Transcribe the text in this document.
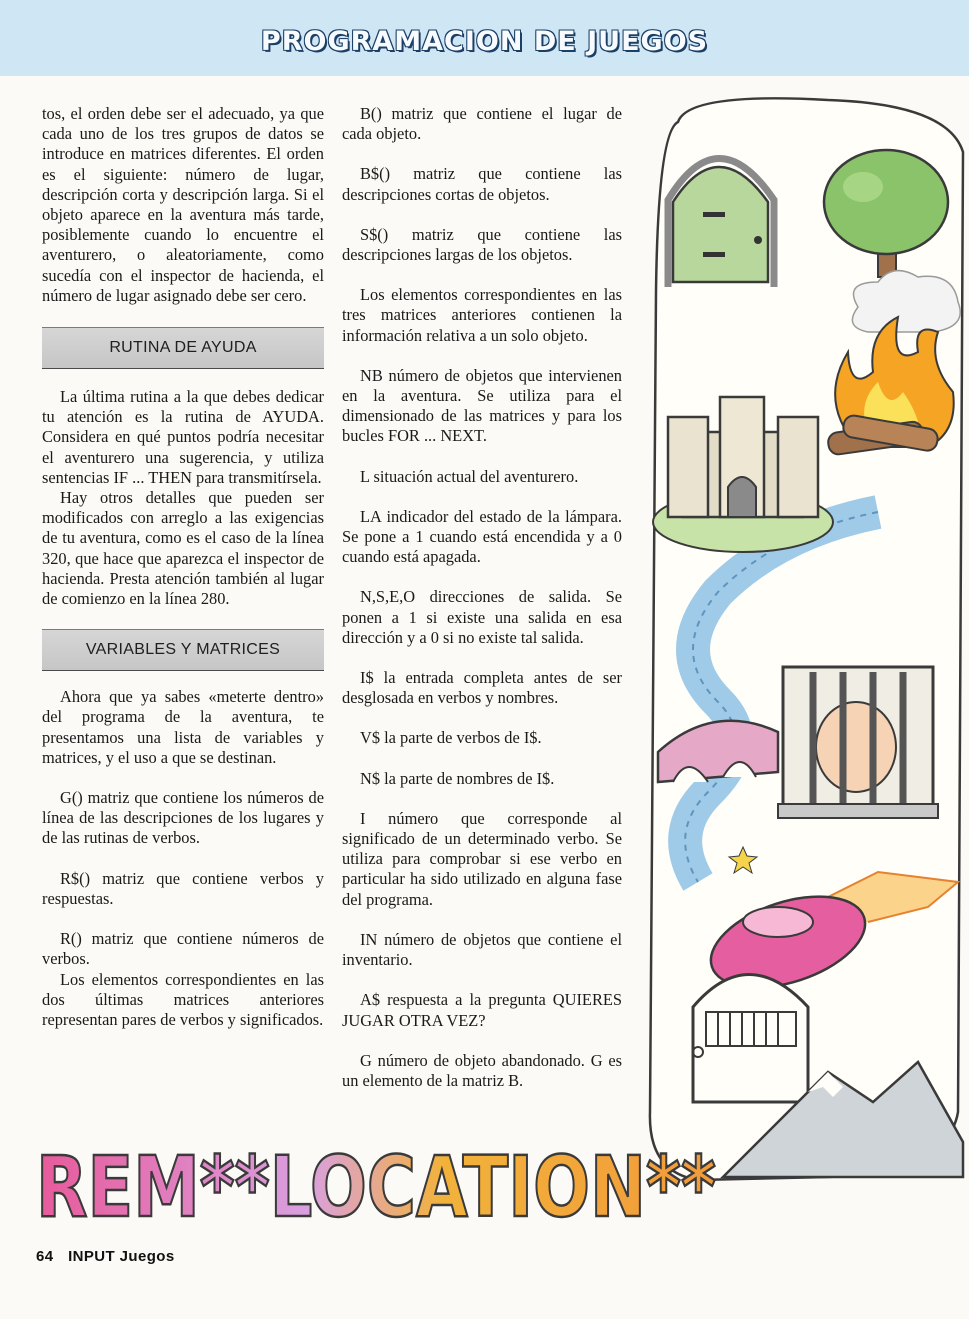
PROGRAMACION DE JUEGOS

tos, el orden debe ser el adecuado, ya que cada uno de los tres grupos de datos se introduce en matrices diferentes. El orden es el siguiente: número de lugar, descripción corta y descripción larga. Si el objeto aparece en la aventura más tarde, posiblemente cuando lo encuentre el aventurero, o aleatoriamente, como sucedía con el inspector de hacienda, el número de lugar asignado debe ser cero.

RUTINA DE AYUDA

La última rutina a la que debes dedicar tu atención es la rutina de AYUDA. Considera en qué puntos podría necesitar el aventurero una sugerencia, y utiliza sentencias IF ... THEN para transmitírsela.

Hay otros detalles que pueden ser modificados con arreglo a las exigencias de tu aventura, como es el caso de la línea 320, que hace que aparezca el inspector de hacienda. Presta atención también al lugar de comienzo en la línea 280.

VARIABLES Y MATRICES

Ahora que ya sabes «meterte dentro» del programa de la aventura, te presentamos una lista de variables y matrices, y el uso a que se destinan.

G() matriz que contiene los números de línea de las descripciones de los lugares y de las rutinas de verbos.

R$() matriz que contiene verbos y respuestas.

R() matriz que contiene números de verbos.

Los elementos correspondientes en las dos últimas matrices anteriores representan pares de verbos y significados.

B() matriz que contiene el lugar de cada objeto.

B$() matriz que contiene las descripciones cortas de objetos.

S$() matriz que contiene las descripciones largas de los objetos.

Los elementos correspondientes en las tres matrices anteriores contienen la información relativa a un solo objeto.

NB número de objetos que intervienen en la aventura. Se utiliza para el dimensionado de las matrices y para los bucles FOR ... NEXT.

L situación actual del aventurero.

LA indicador del estado de la lámpara. Se pone a 1 cuando está encendida y a 0 cuando está apagada.

N,S,E,O direcciones de salida. Se ponen a 1 si existe una salida en esa dirección y a 0 si no existe tal salida.

I$ la entrada completa antes de ser desglosada en verbos y nombres.

V$ la parte de verbos de I$.

N$ la parte de nombres de I$.

I número que corresponde al significado de un determinado verbo. Se utiliza para comprobar si ese verbo en particular ha sido utilizado en alguna fase del programa.

IN número de objetos que contiene el inventario.

A$ respuesta a la pregunta QUIERES JUGAR OTRA VEZ?

G número de objeto abandonado. G es un elemento de la matriz B.

REM**LOCATION**
64 INPUT Juegos
